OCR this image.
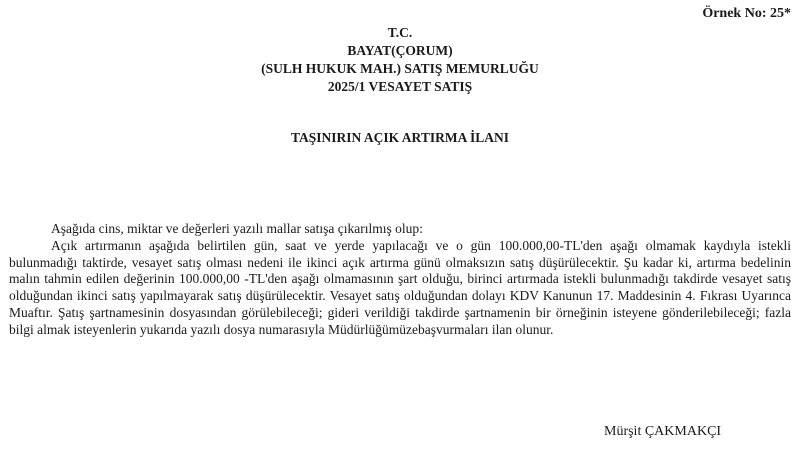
Örnek No: 25*
T.C.
BAYAT(ÇORUM)
(SULH HUKUK MAH.) SATIŞ MEMURLUĞU
2025/1 VESAYET SATIŞ
TAŞINIRIN AÇIK ARTIRMA İLANI

Aşağıda cins, miktar ve değerleri yazılı mallar satışa çıkarılmış olup:

Açık artırmanın aşağıda belirtilen gün, saat ve yerde yapılacağı ve o gün 100.000,00-TL'den aşağı olmamak kaydıyla istekli bulunmadığı taktirde, vesayet satış olması nedeni ile ikinci açık artırma günü olmaksızın satış düşürülecektir. Şu kadar ki, artırma bedelinin malın tahmin edilen değerinin 100.000,00 -TL'den aşağı olmamasının şart olduğu, birinci artırmada istekli bulunmadığı takdirde vesayet satış olduğundan ikinci satış yapılmayarak satış düşürülecektir. Vesayet satış olduğundan dolayı KDV Kanunun 17. Maddesinin 4. Fıkrası Uyarınca Muaftır. Şatış şartnamesinin dosyasından görülebileceği; gideri verildiği takdirde şartnamenin bir örneğinin isteyene gönderilebileceği; fazla bilgi almak isteyenlerin yukarıda yazılı dosya numarasıyla Müdürlüğümüzebaşvurmaları ilan olunur.

Mürşit ÇAKMAKÇI
